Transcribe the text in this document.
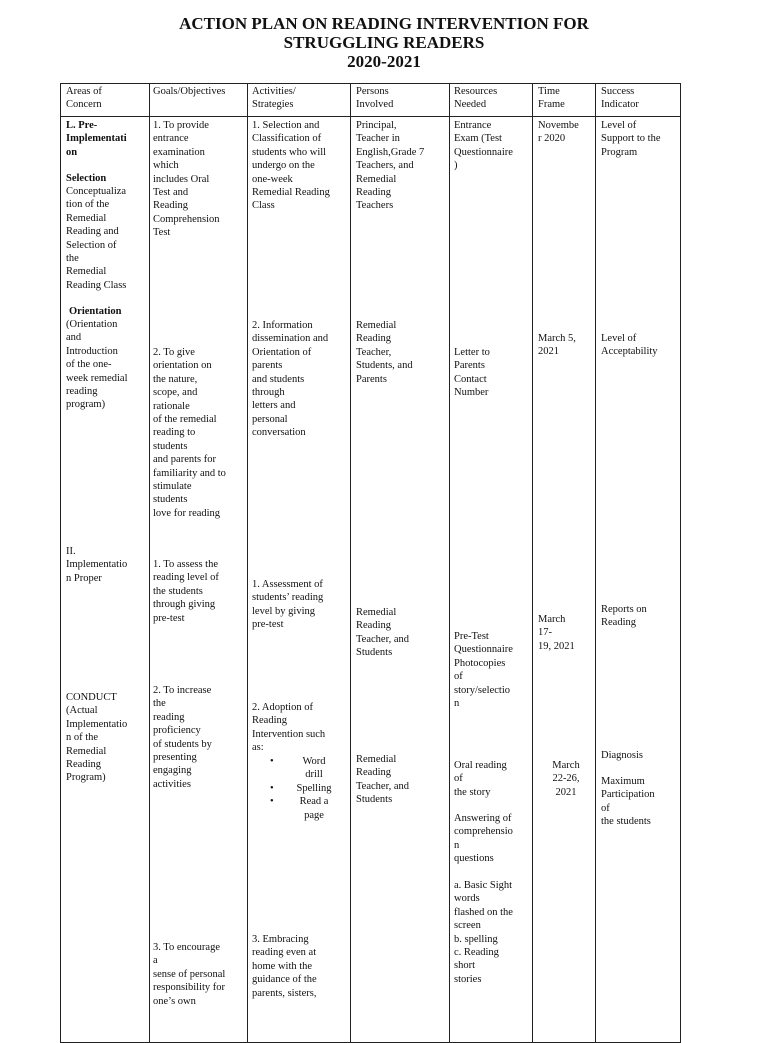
ACTION PLAN ON READING INTERVENTION FOR
STRUGGLING READERS
2020-2021
Areas of
Concern
Goals/Objectives	Activities/
Strategies
Persons
Involved
Resources
Needed
Time
Frame
Success
Indicator
L. Pre-
Implementati
on
Selection
Conceptualiza
tion of the
Remedial
Reading and
Selection of
the
Remedial
Reading Class
Orientation
(Orientation
and
Introduction
of the one-
week remedial
reading
program)
II.
Implementatio
n Proper
CONDUCT
(Actual
Implementatio
n of the
Remedial
Reading
Program)
1. To provide
entrance
examination
which
includes Oral
Test and
Reading
Comprehension
Test
2. To give
orientation on
the nature,
scope, and
rationale
of the remedial
reading to
students
and parents for
familiarity and to
stimulate
students
love for reading
1. To assess the
reading level of
the students
through giving
pre-test
2. To increase
the
reading
proficiency
of students by
presenting
engaging
activities
3. To encourage
a
sense of personal
responsibility for
one’s own
1. Selection and
Classification of
students who will
undergo on the
one-week
Remedial Reading
Class
2. Information
dissemination and
Orientation of
parents
and students
through
letters and
personal
conversation
1. Assessment of
students’ reading
level by giving
pre-test
2. Adoption of
Reading
Intervention such
as:
•	Word
drill
• Spelling
• Read a
page
3. Embracing
reading even at
home with the
guidance of the
parents, sisters,
Principal,
Teacher in
English,Grade 7
Teachers, and
Remedial
Reading
Teachers
Remedial
Reading
Teacher,
Students, and
Parents
Remedial
Reading
Teacher, and
Students
Remedial
Reading
Teacher, and
Students
Entrance
Exam (Test
Questionnaire
)
Letter to
Parents
Contact
Number
Pre-Test
Questionnaire
Photocopies
of
story/selectio
n
Oral reading
of
the story
Answering of
comprehensio
n
questions
a. Basic Sight
words
flashed on the
screen
b. spelling
c. Reading
short
stories
Novembe
r 2020
March 5,
2021
March
17-
19, 2021
March
22-26,
2021
Level of
Support to the
Program
Level of
Acceptability
Reports on
Reading
Diagnosis
Maximum
Participation
of
the students
